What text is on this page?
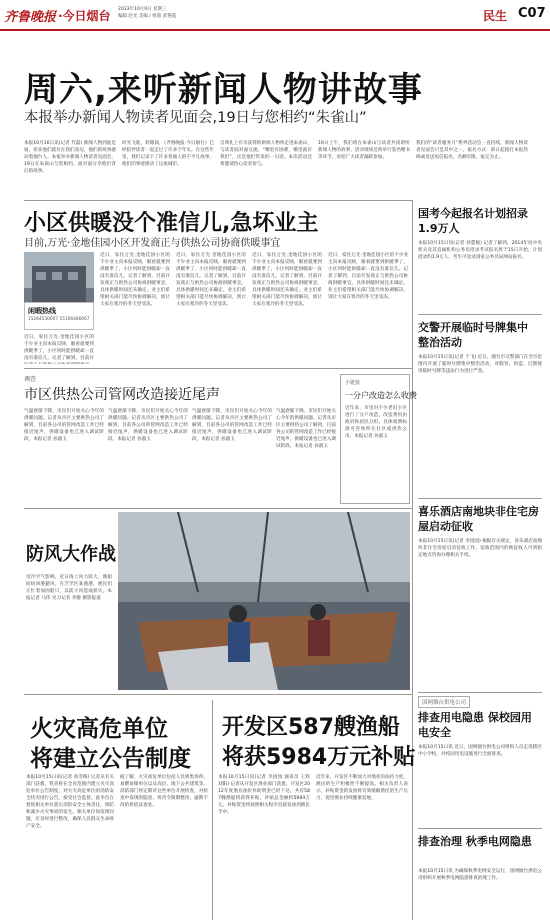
齐鲁晚报 ·今日烟台 2013年10月9日 星期三
编辑 赵光 美编 / 组版 武艳霞	民生 C07
周六,来听新闻人物讲故事
本报举办新闻人物读者见面会,19日与您相约“朱雀山”
本报10月16日讯(记者 代磊) 新闻人物到底是谁，原来他们就住在我们身边，他们的故事感动着烟台人。本报举办新闻人物读者见面会，19日在朱雀山与您相约，面对面分享他们背后的故事。
时光飞逝，转眼间，《齐鲁晚报·今日烟台》已经陪伴读者一起走过了许多个年头。在这些年里，我们记录下了许多普通人的不平凡故事，他们的事迹感动了这座城市。
自典礼上有幸获得的新闻人物将走进朱雀山，与读者面对面交流。“哪里有困难，哪里就有我们”，这是他们常说的一句话。本次活动还将邀请热心读者参与。
19日上午，我们将在朱雀山与读者共同聆听新闻人物的故事。活动现场还将举行签名赠书等环节，欢迎广大读者踊跃参加。
我们的“读者服务月”系列活动会一直持续，新闻人物读者见面会只是其中之一。报名方式：即日起拨打本报热线或发送短信报名，名额有限，报完为止。
小区供暖没个准信儿,急坏业主
目前,万光·金地佳园小区开发商正与供热公司协商供暖事宜
闲暇热线
15264530007 15106466667
近日，家住万光·金地佳园小区的不少业主向本报反映，眼看就要到供暖季了，小区何时能供暖却一直没有准信儿。记者了解到，目前开
近日，家住万光·金地佳园小区的不少业主向本报反映，眼看就要到供暖季了，小区何时能供暖却一直没有准信儿。记者了解到，目前开发商正与供热公司协商供暖事宜，具体供暖时间还未确定。业主们希望相关部门能尽快协调解决，别让大家在寒冷的冬天里受冻。
近日，家住万光·金地佳园小区的不少业主向本报反映，眼看就要到供暖季了，小区何时能供暖却一直没有准信儿。记者了解到，目前开发商正与供热公司协商供暖事宜，具体供暖时间还未确定。业主们希望相关部门能尽快协调解决，别让大家在寒冷的冬天里受冻。
近日，家住万光·金地佳园小区的不少业主向本报反映，眼看就要到供暖季了，小区何时能供暖却一直没有准信儿。记者了解到，目前开发商正与供热公司协商供暖事宜，具体供暖时间还未确定。业主们希望相关部门能尽快协调解决，别让大家在寒冷的冬天里受冻。
近日，家住万光·金地佳园小区的不少业主向本报反映，眼看就要到供暖季了，小区何时能供暖却一直没有准信儿。记者了解到，目前开发商正与供热公司协商供暖事宜，具体供暖时间还未确定。业主们希望相关部门能尽快协调解决，别让大家在寒冷的冬天里受冻。
调查
市区供热公司管网改造接近尾声
气温逐渐下降，市民们开始关心今年的供暖问题。记者从市区主要供热公司了解到，目前各公司的管网改造工作已经接近尾声，供暖设备也已进入调试阶段。本报记者 孙淑玉
气温逐渐下降，市民们开始关心今年的供暖问题。记者从市区主要供热公司了解到，目前各公司的管网改造工作已经接近尾声，供暖设备也已进入调试阶段。本报记者 孙淑玉
气温逐渐下降，市民们开始关心今年的供暖问题。记者从市区主要供热公司了解到，目前各公司的管网改造工作已经接近尾声，供暖设备也已进入调试阶段。本报记者 孙淑玉
气温逐渐下降，市民们开始关心今年的供暖问题。记者从市区主要供热公司了解到，目前各公司的管网改造工作已经接近尾声，供暖设备也已进入调试阶段。本报记者 孙淑玉
小链接
一分户改造怎么收费
近年来，市里对不少老旧小区进行了分户改造，改造费用由政府和居民分担。具体收费标准可咨询所在社区或供热公司。本报记者 孙淑玉
防风大作战
受冷空气影响，近日海上风力较大，渔船纷纷回港避风。在芝罘区某渔港，渔民们正忙着加固船只，以防大风造成损失。本报记者 马伟 见习记者 李静 摄影报道
火灾高危单位
将建立公告制度
本报10月15日讯(记者 高雪梅) 记者从有关部门获悉，我省将在全省范围内建立火灾高危单位公告制度，对火灾高危单位的消防安全状况进行公告，接受社会监督。此举旨在督促相关单位落实消防安全主体责任，预防和减少火灾事故的发生。相关单位如发现问题，应及时进行整改，确保人民群众生命财产安全。
据了解，火灾高危单位包括人员密集场所、易燃易爆单位以及高层、地下公共建筑等。消防部门将定期对这些单位开展检查，对检查中发现的隐患，将责令限期整改，逾期不改的将依法查处。
开发区587艘渔船
将获5984万元补贴
本报10月15日讯(记者 李园园 通讯员 王辉 刘阳) 记者从开发区渔业部门获悉，开发区2012年度渔业油价补助资金已经下达，共有587艘渔船将获得补贴，补贴总金额约5984万元。补贴资金将按照相关程序直接发放到渔民手中。
近年来，开发区不断加大对渔业的扶持力度，渔民的生产积极性不断提高。相关负责人表示，补贴资金的发放将有效缓解渔民的生产压力，促进渔业持续健康发展。
国考今起报名计划招录1.9万人
本报10月15日讯(记者 孙慧敏) 记者了解到，2014年度中央机关及其直属机构公务员招录考试报名将于15日开始，计划招录约1.9万人。考生可登录国家公务员局网站报名。
交警开展临时号牌集中整治活动
本报10月15日讯(记者 于飞) 近日，烟台市交警部门在全市范围内开展了临时号牌集中整治活动，对假冒、伪造、过期使用临时号牌等违法行为进行严查。
喜乐酒店南地块非住宅房屋启动征收
本报10月15日讯(记者 李园园) 根据有关规定，喜乐酒店南地块非住宅房屋启动征收工作。征收范围内的被征收人可到指定地点咨询办理相关手续。
国网烟台供电公司
排查用电隐患 保校园用电安全
本报10月15日讯 近日，国网烟台供电公司组织人员走进辖区中小学校，对校园用电设施进行全面排查。
排查治理 秋季电网隐患
本报10月15日讯 为确保秋季电网安全运行，国网烟台供电公司组织开展秋季电网隐患排查治理工作。
